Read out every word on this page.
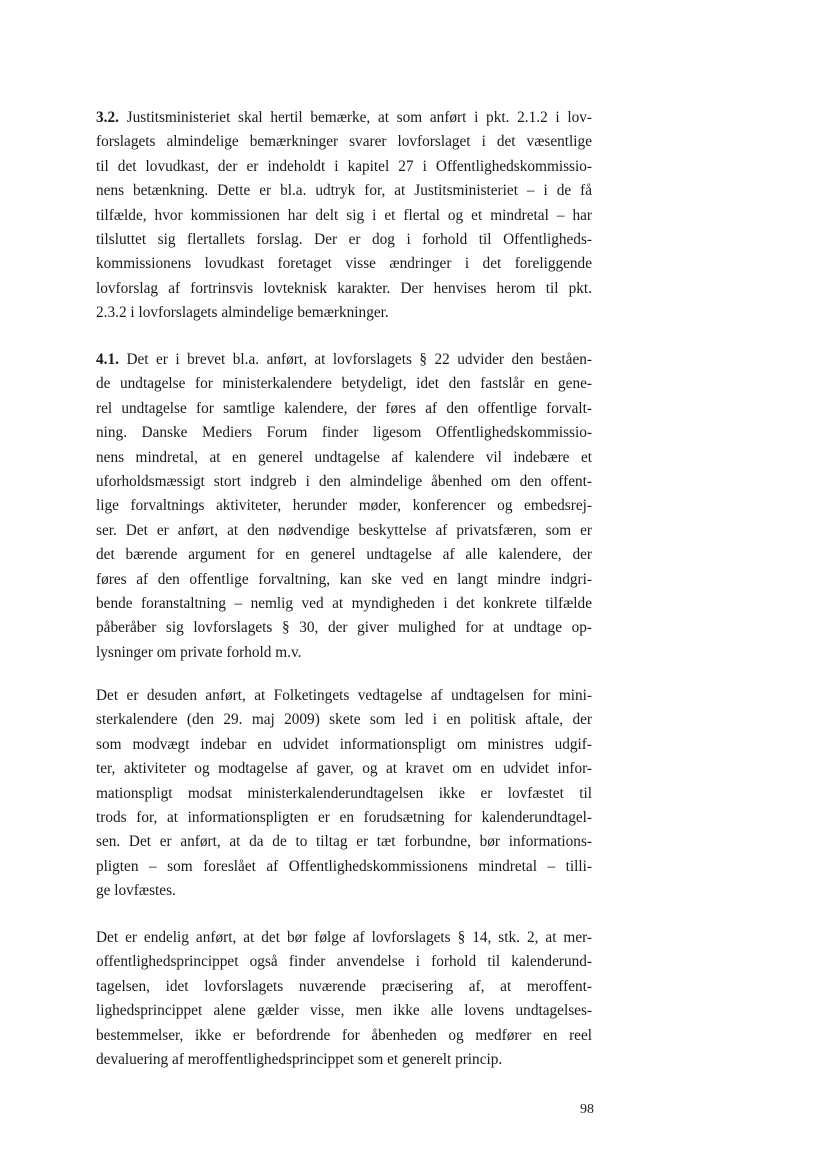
3.2. Justitsministeriet skal hertil bemærke, at som anført i pkt. 2.1.2 i lov-
forslagets almindelige bemærkninger svarer lovforslaget i det væsentlige
til det lovudkast, der er indeholdt i kapitel 27 i Offentlighedskommissio-
nens betænkning. Dette er bl.a. udtryk for, at Justitsministeriet – i de få
tilfælde, hvor kommissionen har delt sig i et flertal og et mindretal – har
tilsluttet sig flertallets forslag. Der er dog i forhold til Offentligheds-
kommissionens lovudkast foretaget visse ændringer i det foreliggende
lovforslag af fortrinsvis lovteknisk karakter. Der henvises herom til pkt.
2.3.2 i lovforslagets almindelige bemærkninger.
4.1. Det er i brevet bl.a. anført, at lovforslagets § 22 udvider den beståen-
de undtagelse for ministerkalendere betydeligt, idet den fastslår en gene-
rel undtagelse for samtlige kalendere, der føres af den offentlige forvalt-
ning. Danske Mediers Forum finder ligesom Offentlighedskommissio-
nens mindretal, at en generel undtagelse af kalendere vil indebære et
uforholdsmæssigt stort indgreb i den almindelige åbenhed om den offent-
lige forvaltnings aktiviteter, herunder møder, konferencer og embedsrej-
ser. Det er anført, at den nødvendige beskyttelse af privatsfæren, som er
det bærende argument for en generel undtagelse af alle kalendere, der
føres af den offentlige forvaltning, kan ske ved en langt mindre indgri-
bende foranstaltning – nemlig ved at myndigheden i det konkrete tilfælde
påberåber sig lovforslagets § 30, der giver mulighed for at undtage op-
lysninger om private forhold m.v.
Det er desuden anført, at Folketingets vedtagelse af undtagelsen for mini-
sterkalendere (den 29. maj 2009) skete som led i en politisk aftale, der
som modvægt indebar en udvidet informationspligt om ministres udgif-
ter, aktiviteter og modtagelse af gaver, og at kravet om en udvidet infor-
mationspligt modsat ministerkalenderundtagelsen ikke er lovfæstet til
trods for, at informationspligten er en forudsætning for kalenderundtagel-
sen. Det er anført, at da de to tiltag er tæt forbundne, bør informations-
pligten – som foreslået af Offentlighedskommissionens mindretal – tilli-
ge lovfæstes.
Det er endelig anført, at det bør følge af lovforslagets § 14, stk. 2, at mer-
offentlighedsprincippet også finder anvendelse i forhold til kalenderund-
tagelsen, idet lovforslagets nuværende præcisering af, at meroffent-
lighedsprincippet alene gælder visse, men ikke alle lovens undtagelses-
bestemmelser, ikke er befordrende for åbenheden og medfører en reel
devaluering af meroffentlighedsprincippet som et generelt princip.
98
